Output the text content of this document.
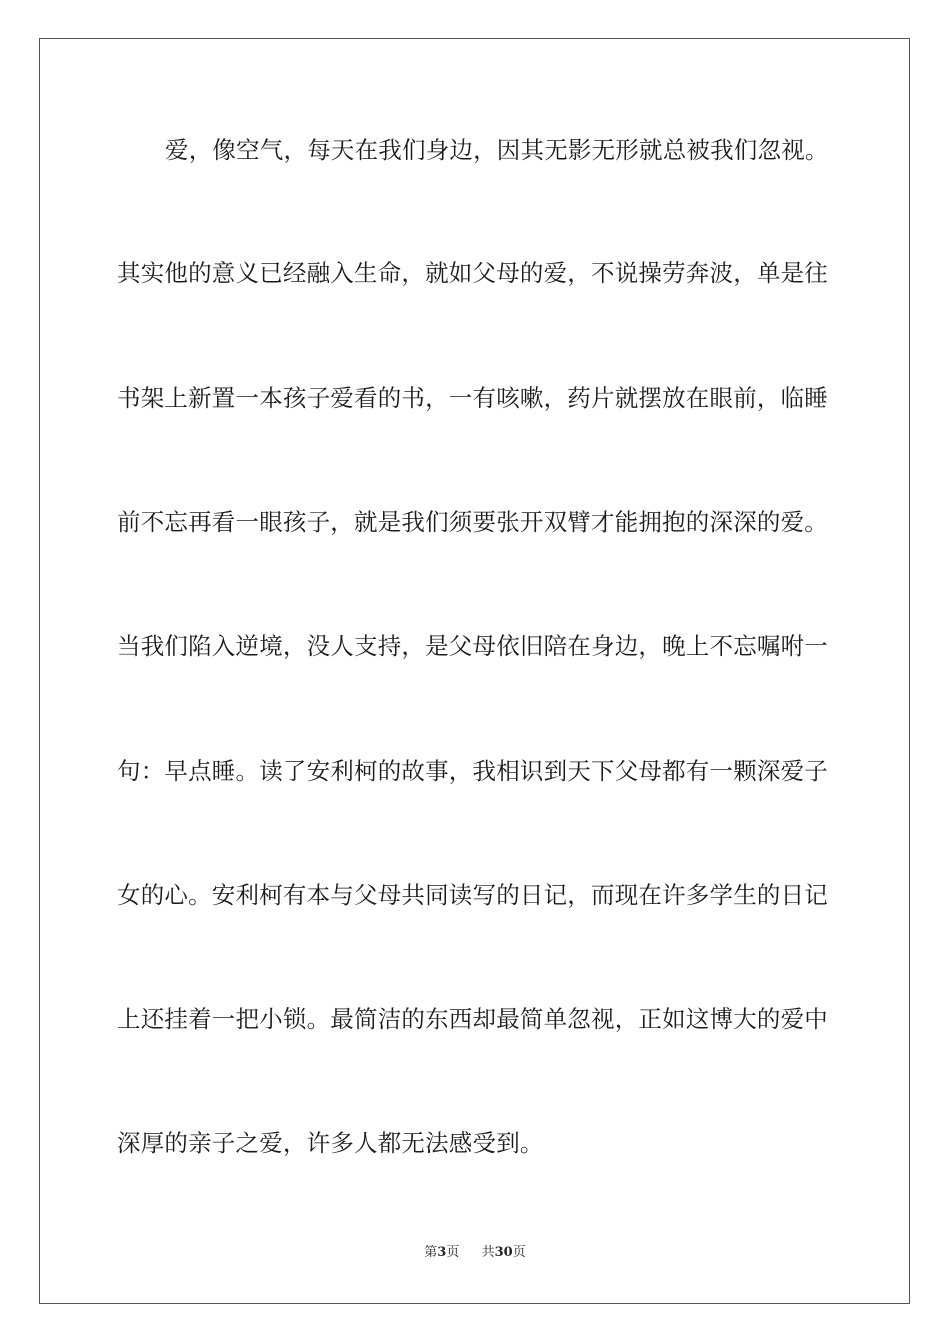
爱，像空气，每天在我们身边，因其无影无形就总被我们忽视。
其实他的意义已经融入生命，就如父母的爱，不说操劳奔波，单是往
书架上新置一本孩子爱看的书，一有咳嗽，药片就摆放在眼前，临睡
前不忘再看一眼孩子，就是我们须要张开双臂才能拥抱的深深的爱。
当我们陷入逆境，没人支持，是父母依旧陪在身边，晚上不忘嘱咐一
句：早点睡。读了安利柯的故事，我相识到天下父母都有一颗深爱子
女的心。安利柯有本与父母共同读写的日记，而现在许多学生的日记
上还挂着一把小锁。最简洁的东西却最简单忽视，正如这博大的爱中
深厚的亲子之爱，许多人都无法感受到。
第3页 共30页
